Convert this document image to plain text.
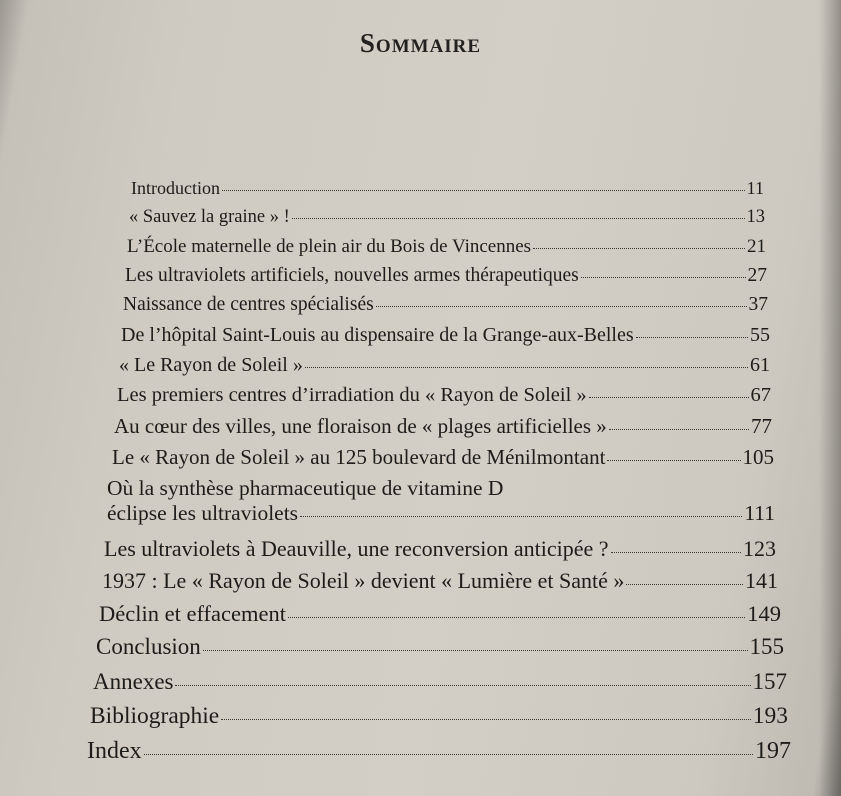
Sommaire
Introduction	11
« Sauvez la graine » !	13
L’École maternelle de plein air du Bois de Vincennes	21
Les ultraviolets artificiels, nouvelles armes thérapeutiques	27
Naissance de centres spécialisés	37
De l’hôpital Saint-Louis au dispensaire de la Grange-aux-Belles	55
« Le Rayon de Soleil »	61
Les premiers centres d’irradiation du « Rayon de Soleil »	67
Au cœur des villes, une floraison de « plages artificielles »	77
Le « Rayon de Soleil » au 125 boulevard de Ménilmontant	105
Où la synthèse pharmaceutique de vitamine D
éclipse les ultraviolets	111
Les ultraviolets à Deauville, une reconversion anticipée ?	123
1937 : Le « Rayon de Soleil » devient « Lumière et Santé »	141
Déclin et effacement	149
Conclusion	155
Annexes	157
Bibliographie	193
Index	197
